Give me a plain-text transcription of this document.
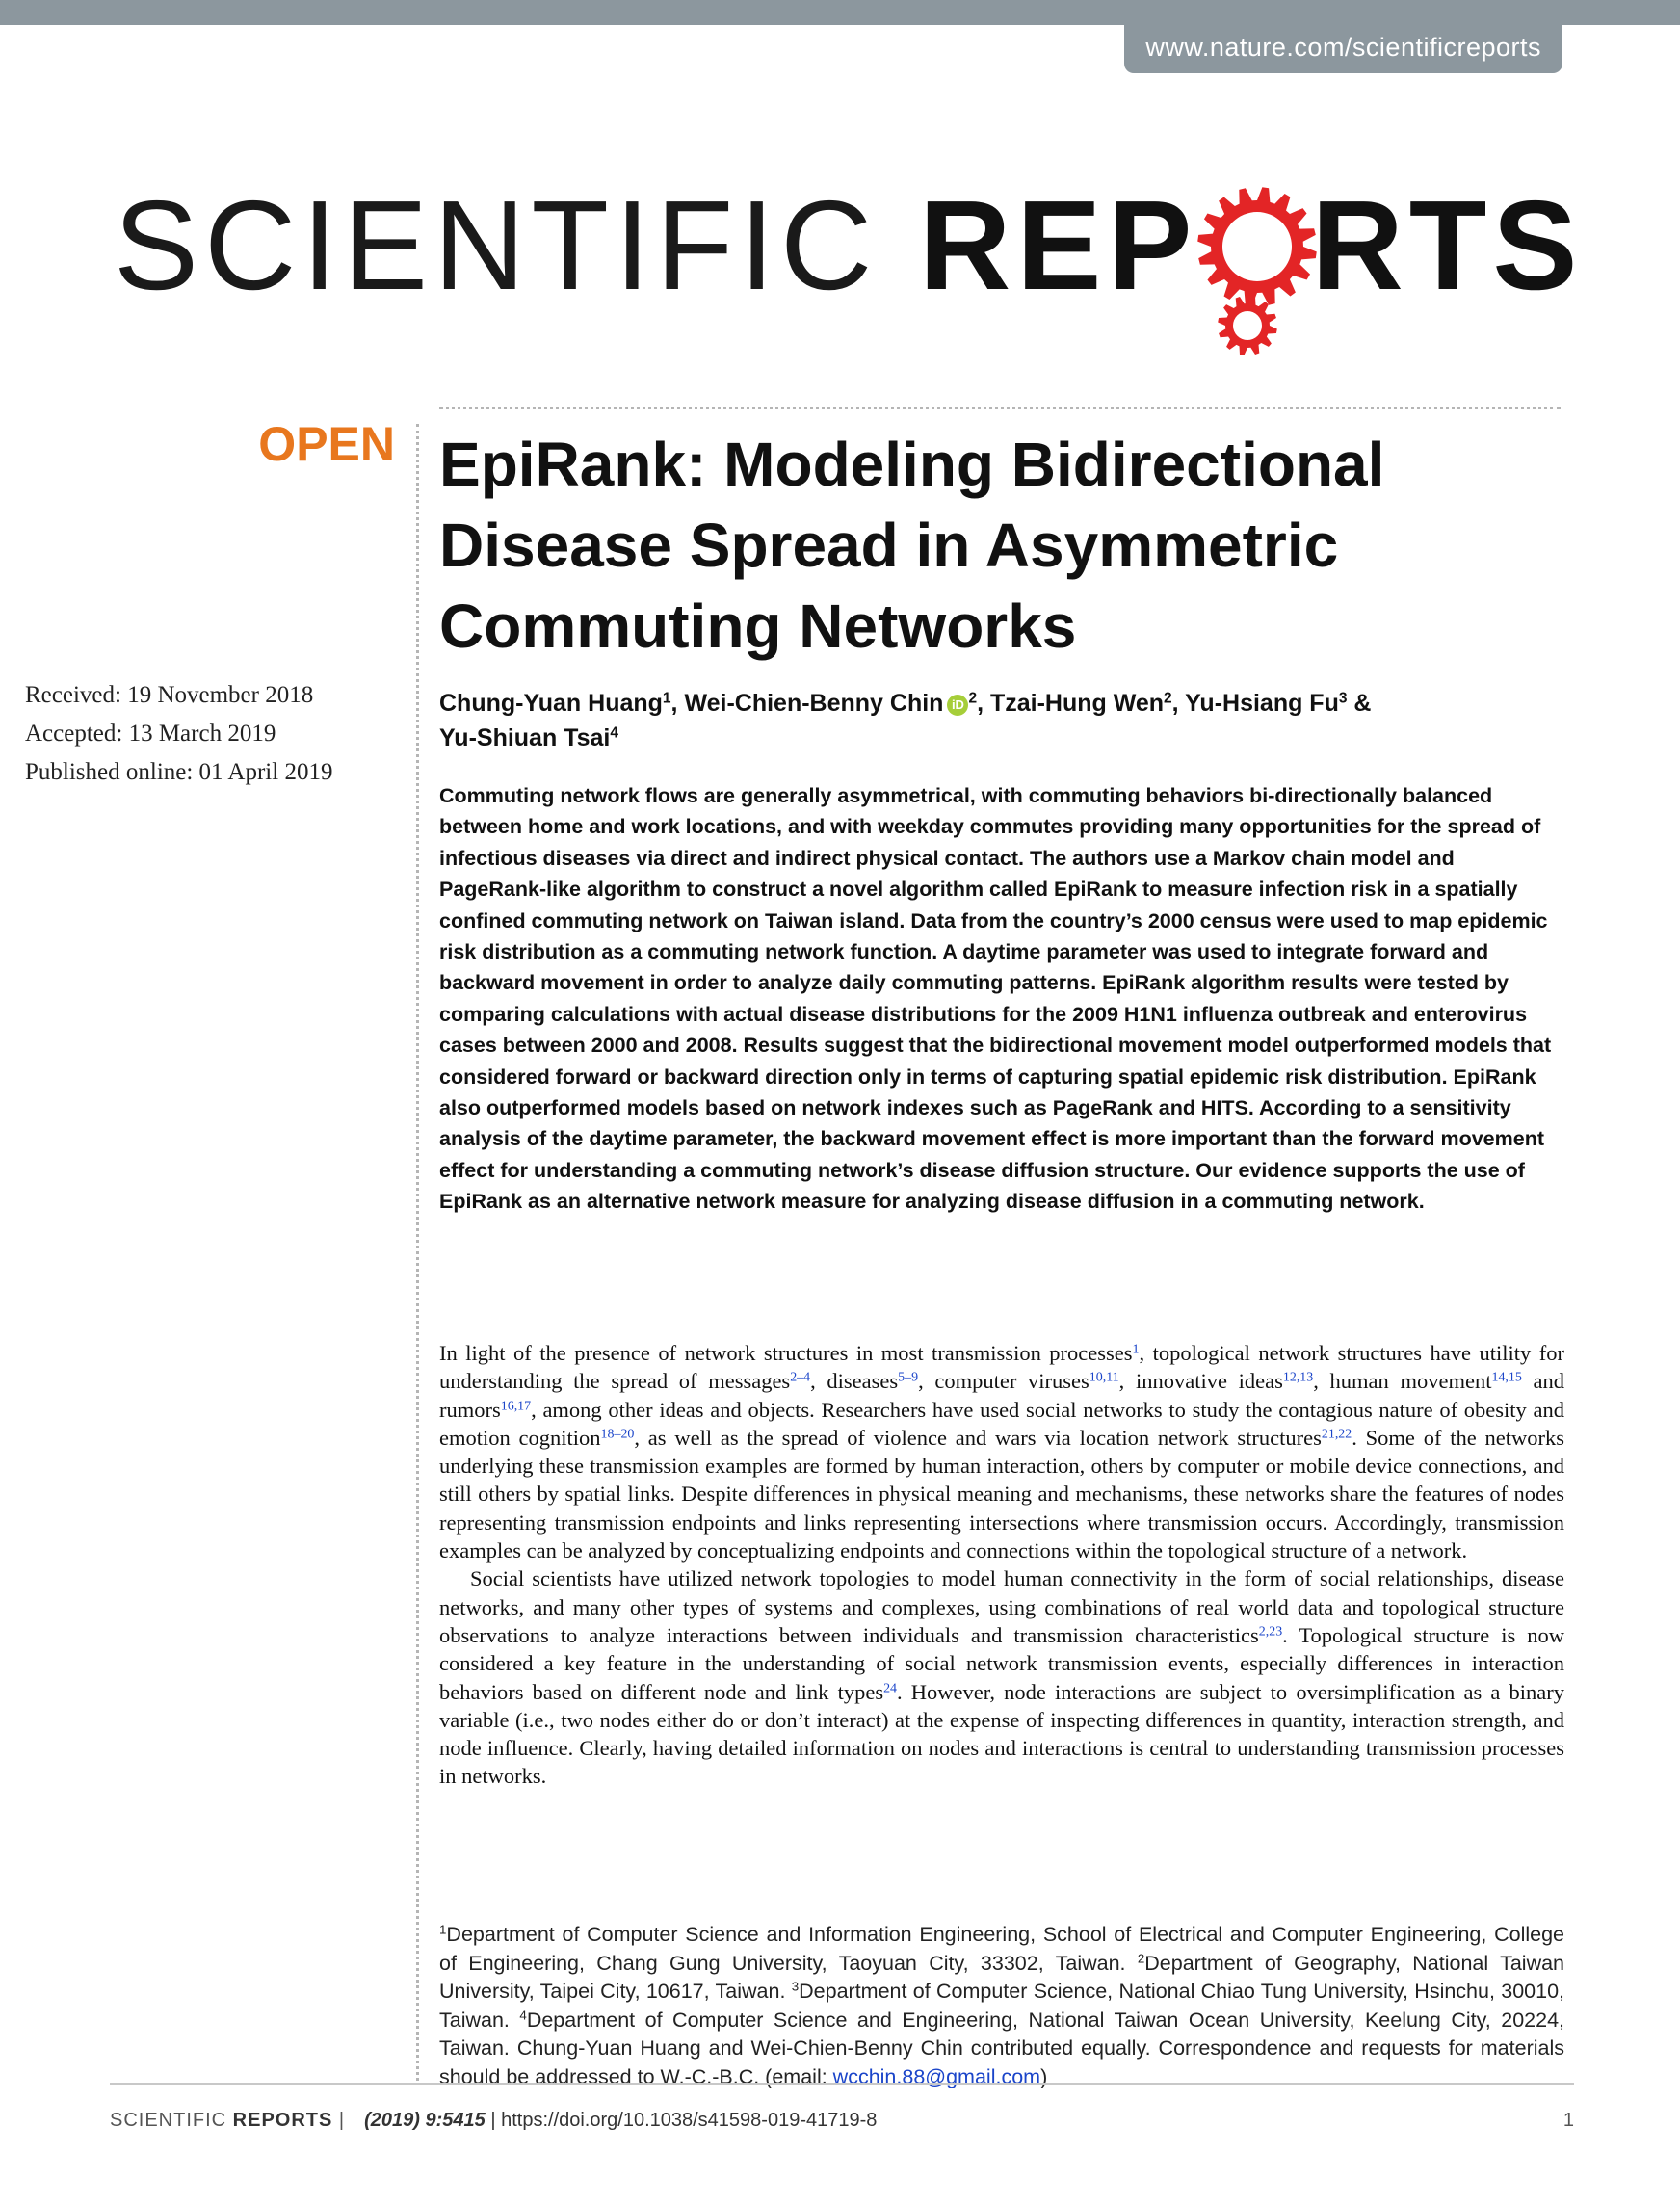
www.nature.com/scientificreports
SCIENTIFIC REP RTS
OPEN EpiRank: Modeling Bidirectional Disease Spread in Asymmetric Commuting Networks
Received: 19 November 2018
Accepted: 13 March 2019
Published online: 01 April 2019
Chung-Yuan Huang$^1$, Wei-Chien-Benny Chin iD $^2$, Tzai-Hung Wen$^2$, Yu-Hsiang Fu$^3$ &
Yu-Shiuan Tsai$^4$

Commuting network flows are generally asymmetrical, with commuting behaviors bi-directionally balanced between home and work locations, and with weekday commutes providing many opportunities for the spread of infectious diseases via direct and indirect physical contact. The authors use a Markov chain model and PageRank-like algorithm to construct a novel algorithm called EpiRank to measure infection risk in a spatially confined commuting network on Taiwan island. Data from the country’s 2000 census were used to map epidemic risk distribution as a commuting network function. A daytime parameter was used to integrate forward and backward movement in order to analyze daily commuting patterns. EpiRank algorithm results were tested by comparing calculations with actual disease distributions for the 2009 H1N1 influenza outbreak and enterovirus cases between 2000 and 2008. Results suggest that the bidirectional movement model outperformed models that considered forward or backward direction only in terms of capturing spatial epidemic risk distribution. EpiRank also outperformed models based on network indexes such as PageRank and HITS. According to a sensitivity analysis of the daytime parameter, the backward movement effect is more important than the forward movement effect for understanding a commuting network’s disease diffusion structure. Our evidence supports the use of EpiRank as an alternative network measure for analyzing disease diffusion in a commuting network.

In light of the presence of network structures in most transmission processes$^1$, topological network structures have utility for understanding the spread of messages$^{2-4}$, diseases$^{5-9}$, computer viruses$^{10,11}$, innovative ideas$^{12,13}$, human movement$^{14,15}$ and rumors$^{16,17}$, among other ideas and objects. Researchers have used social networks to study the contagious nature of obesity and emotion cognition$^{18-20}$, as well as the spread of violence and wars via location network structures$^{21,22}$. Some of the networks underlying these transmission examples are formed by human interaction, others by computer or mobile device connections, and still others by spatial links. Despite differences in physical meaning and mechanisms, these networks share the features of nodes representing transmission endpoints and links representing intersections where transmission occurs. Accordingly, transmission examples can be analyzed by conceptualizing endpoints and connections within the topological structure of a network.

Social scientists have utilized network topologies to model human connectivity in the form of social relationships, disease networks, and many other types of systems and complexes, using combinations of real world data and topological structure observations to analyze interactions between individuals and transmission characteristics$^{2,23}$. Topological structure is now considered a key feature in the understanding of social network transmission events, especially differences in interaction behaviors based on different node and link types$^{24}$. However, node interactions are subject to oversimplification as a binary variable (i.e., two nodes either do or don’t interact) at the expense of inspecting differences in quantity, interaction strength, and node influence. Clearly, having detailed information on nodes and interactions is central to understanding transmission processes in networks.

$^1$Department of Computer Science and Information Engineering, School of Electrical and Computer Engineering, College of Engineering, Chang Gung University, Taoyuan City, 33302, Taiwan. $^2$Department of Geography, National Taiwan University, Taipei City, 10617, Taiwan. $^3$Department of Computer Science, National Chiao Tung University, Hsinchu, 30010, Taiwan. $^4$Department of Computer Science and Engineering, National Taiwan Ocean University, Keelung City, 20224, Taiwan. Chung-Yuan Huang and Wei-Chien-Benny Chin contributed equally. Correspondence and requests for materials should be addressed to W.-C.-B.C. (email: wcchin.88@gmail.com)

SCIENTIFIC REPORTS | (2019) 9:5415 | https://doi.org/10.1038/s41598-019-41719-8	1
